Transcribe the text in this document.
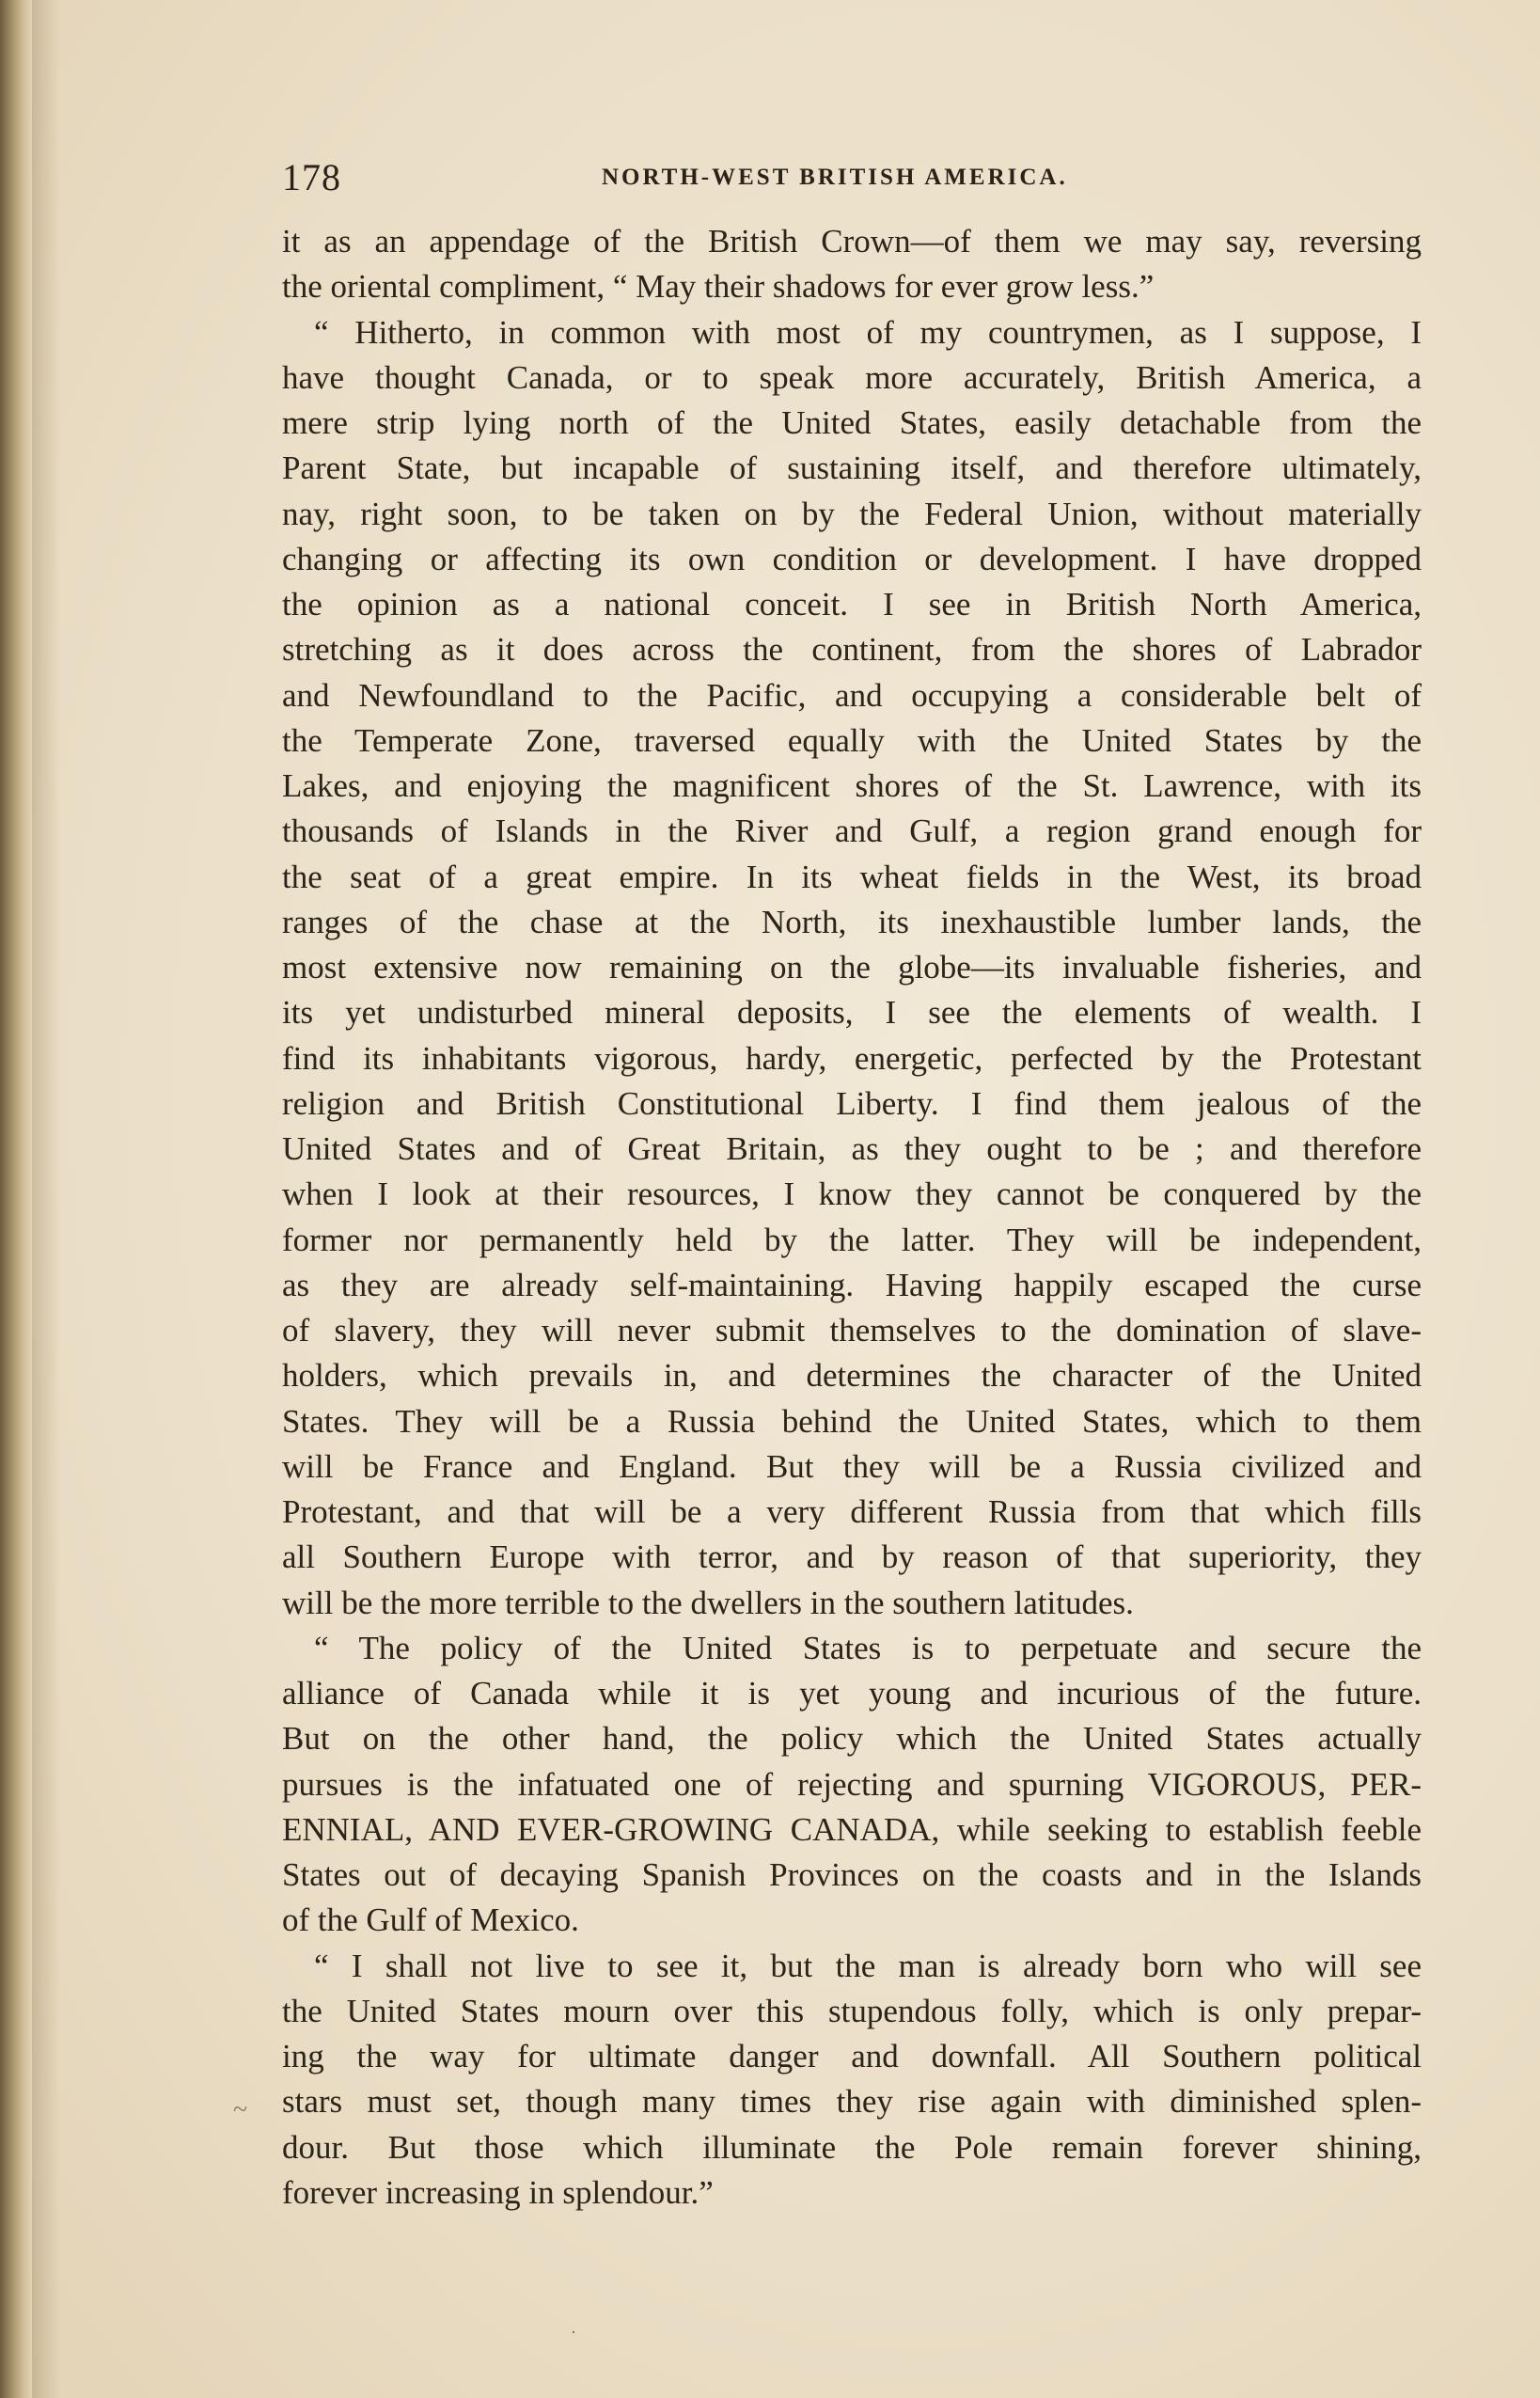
178	NORTH-WEST BRITISH AMERICA.
it as an appendage of the British Crown—of them we may say, reversing
the oriental compliment, “ May their shadows for ever grow less.”
“ Hitherto, in common with most of my countrymen, as I suppose, I
have thought Canada, or to speak more accurately, British America, a
mere strip lying north of the United States, easily detachable from the
Parent State, but incapable of sustaining itself, and therefore ultimately,
nay, right soon, to be taken on by the Federal Union, without materially
changing or affecting its own condition or development. I have dropped
the opinion as a national conceit. I see in British North America,
stretching as it does across the continent, from the shores of Labrador
and Newfoundland to the Pacific, and occupying a considerable belt of
the Temperate Zone, traversed equally with the United States by the
Lakes, and enjoying the magnificent shores of the St. Lawrence, with its
thousands of Islands in the River and Gulf, a region grand enough for
the seat of a great empire. In its wheat fields in the West, its broad
ranges of the chase at the North, its inexhaustible lumber lands, the
most extensive now remaining on the globe—its invaluable fisheries, and
its yet undisturbed mineral deposits, I see the elements of wealth. I
find its inhabitants vigorous, hardy, energetic, perfected by the Protestant
religion and British Constitutional Liberty. I find them jealous of the
United States and of Great Britain, as they ought to be ; and therefore
when I look at their resources, I know they cannot be conquered by the
former nor permanently held by the latter. They will be independent,
as they are already self-maintaining. Having happily escaped the curse
of slavery, they will never submit themselves to the domination of slave-
holders, which prevails in, and determines the character of the United
States. They will be a Russia behind the United States, which to them
will be France and England. But they will be a Russia civilized and
Protestant, and that will be a very different Russia from that which fills
all Southern Europe with terror, and by reason of that superiority, they
will be the more terrible to the dwellers in the southern latitudes.
“ The policy of the United States is to perpetuate and secure the
alliance of Canada while it is yet young and incurious of the future.
But on the other hand, the policy which the United States actually
pursues is the infatuated one of rejecting and spurning VIGOROUS, PER-
ENNIAL, AND EVER-GROWING CANADA, while seeking to establish feeble
States out of decaying Spanish Provinces on the coasts and in the Islands
of the Gulf of Mexico.
“ I shall not live to see it, but the man is already born who will see
the United States mourn over this stupendous folly, which is only prepar-
ing the way for ultimate danger and downfall. All Southern political
stars must set, though many times they rise again with diminished splen-
dour. But those which illuminate the Pole remain forever shining,
forever increasing in splendour.”
~
·
